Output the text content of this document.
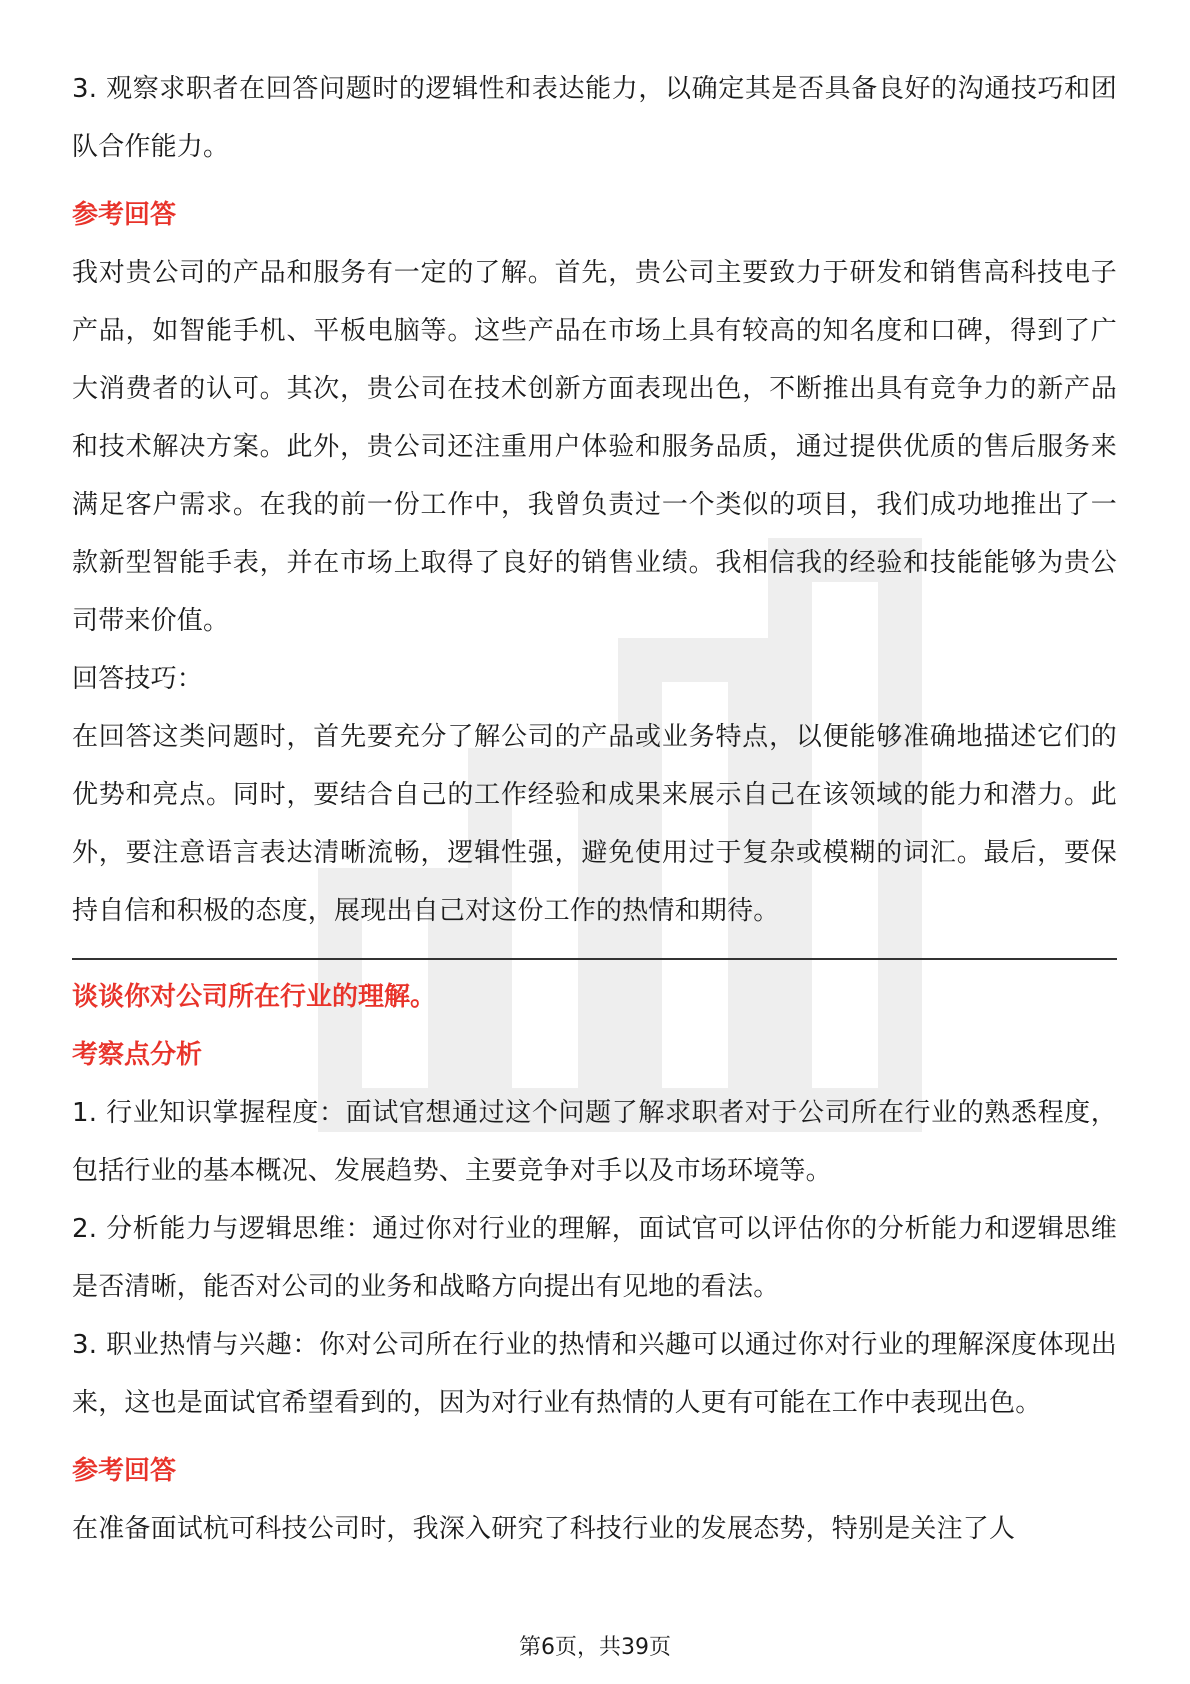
3. 观察求职者在回答问题时的逻辑性和表达能力，以确定其是否具备良好的沟通技巧和团队合作能力。

参考回答

我对贵公司的产品和服务有一定的了解。首先，贵公司主要致力于研发和销售高科技电子产品，如智能手机、平板电脑等。这些产品在市场上具有较高的知名度和口碑，得到了广大消费者的认可。其次，贵公司在技术创新方面表现出色，不断推出具有竞争力的新产品和技术解决方案。此外，贵公司还注重用户体验和服务品质，通过提供优质的售后服务来满足客户需求。在我的前一份工作中，我曾负责过一个类似的项目，我们成功地推出了一款新型智能手表，并在市场上取得了良好的销售业绩。我相信我的经验和技能能够为贵公司带来价值。

回答技巧：

在回答这类问题时，首先要充分了解公司的产品或业务特点，以便能够准确地描述它们的优势和亮点。同时，要结合自己的工作经验和成果来展示自己在该领域的能力和潜力。此外，要注意语言表达清晰流畅，逻辑性强，避免使用过于复杂或模糊的词汇。最后，要保持自信和积极的态度，展现出自己对这份工作的热情和期待。

谈谈你对公司所在行业的理解。

考察点分析

1. 行业知识掌握程度：面试官想通过这个问题了解求职者对于公司所在行业的熟悉程度，包括行业的基本概况、发展趋势、主要竞争对手以及市场环境等。

2. 分析能力与逻辑思维：通过你对行业的理解，面试官可以评估你的分析能力和逻辑思维是否清晰，能否对公司的业务和战略方向提出有见地的看法。

3. 职业热情与兴趣：你对公司所在行业的热情和兴趣可以通过你对行业的理解深度体现出来，这也是面试官希望看到的，因为对行业有热情的人更有可能在工作中表现出色。

参考回答

在准备面试杭可科技公司时，我深入研究了科技行业的发展态势，特别是关注了人

第6页，共39页
